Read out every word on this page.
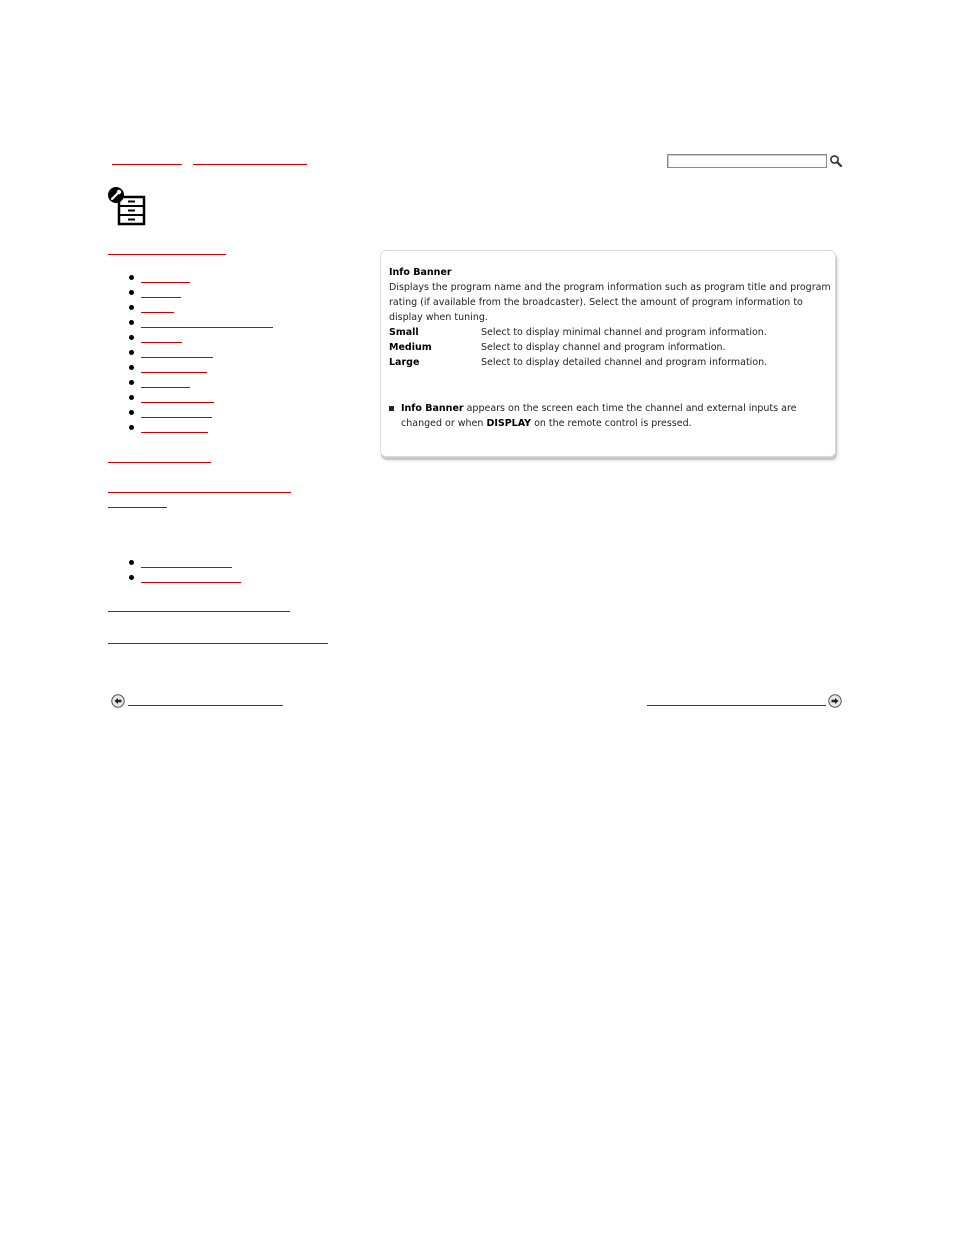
Info Banner
Displays the program name and the program information such as program title and program
rating (if available from the broadcaster). Select the amount of program information to
display when tuning.
Small	Select to display minimal channel and program information.
Medium	Select to display channel and program information.
Large	Select to display detailed channel and program information.
Info Banner appears on the screen each time the channel and external inputs are
changed or when DISPLAY on the remote control is pressed.
